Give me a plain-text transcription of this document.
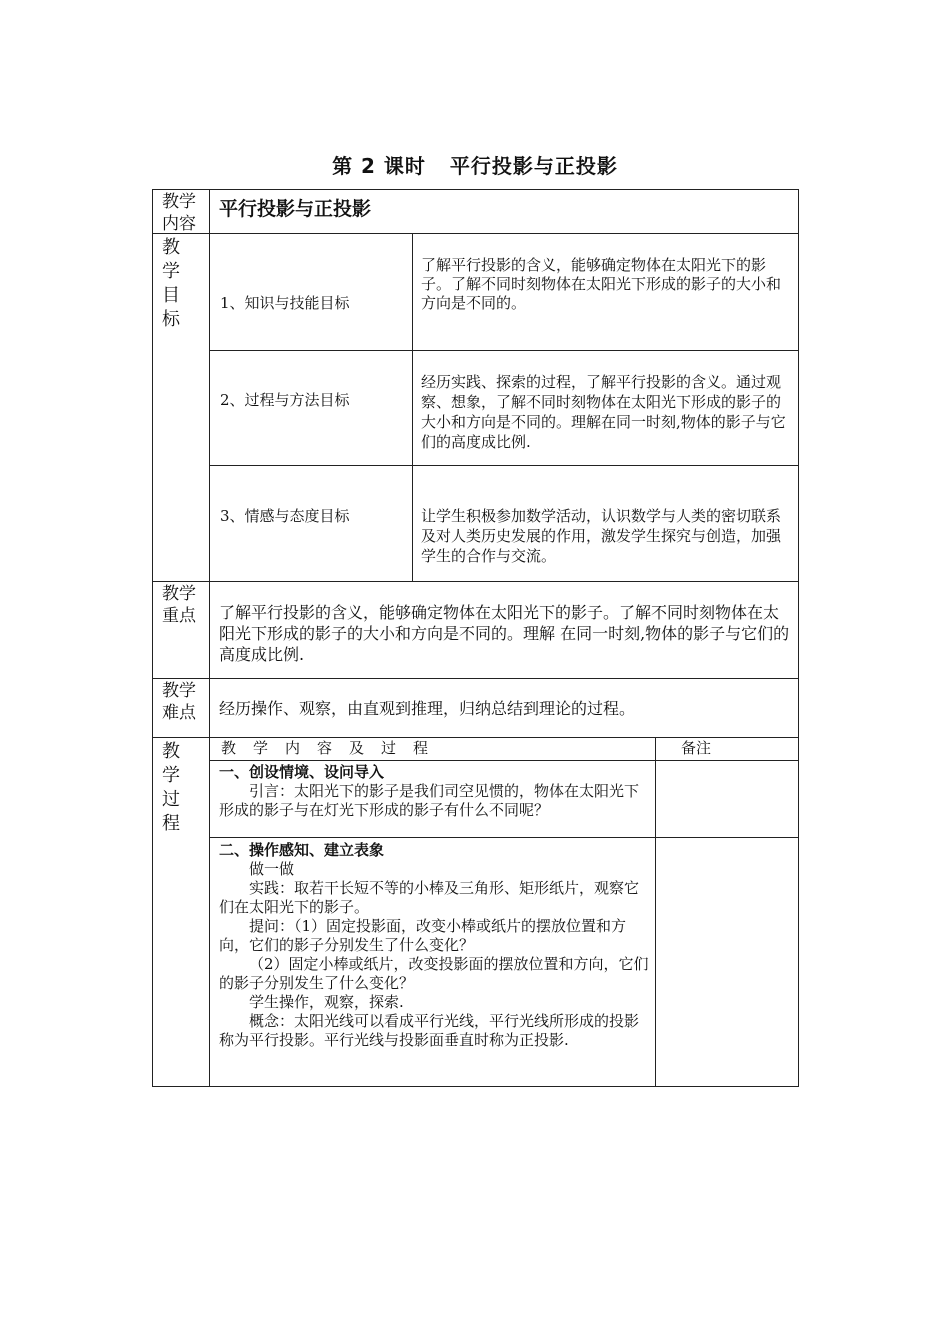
第 2 课时 平行投影与正投影
教学内容
平行投影与正投影
教学目标
1、知识与技能目标
了解平行投影的含义，能够确定物体在太阳光下的影子。了解不同时刻物体在太阳光下形成的影子的大小和方向是不同的。
2、过程与方法目标
经历实践、探索的过程，了解平行投影的含义。通过观察、想象，了解不同时刻物体在太阳光下形成的影子的大小和方向是不同的。理解在同一时刻,物体的影子与它们的高度成比例.
3、情感与态度目标	让学生积极参加数学活动，认识数学与人类的密切联系及对人类历史发展的作用，激发学生探究与创造，加强学生的合作与交流。
教学重点 了解平行投影的含义，能够确定物体在太阳光下的影子。了解不同时刻物体在太阳光下形成的影子的大小和方向是不同的。理解 在同一时刻,物体的影子与它们的高度成比例.
教学难点 经历操作、观察，由直观到推理，归纳总结到理论的过程。
教学过程
教　学　内　容　及　过　程	备注

一、创设情境、设问导入

引言：太阳光下的影子是我们司空见惯的，物体在太阳光下形成的影子与在灯光下形成的影子有什么不同呢？

二、操作感知、建立表象

做一做

实践：取若干长短不等的小棒及三角形、矩形纸片，观察它们在太阳光下的影子。

提问：（1）固定投影面，改变小棒或纸片的摆放位置和方向，它们的影子分别发生了什么变化？

（2）固定小棒或纸片，改变投影面的摆放位置和方向，它们的影子分别发生了什么变化？

学生操作，观察，探索.

概念：太阳光线可以看成平行光线，平行光线所形成的投影称为平行投影。平行光线与投影面垂直时称为正投影.
